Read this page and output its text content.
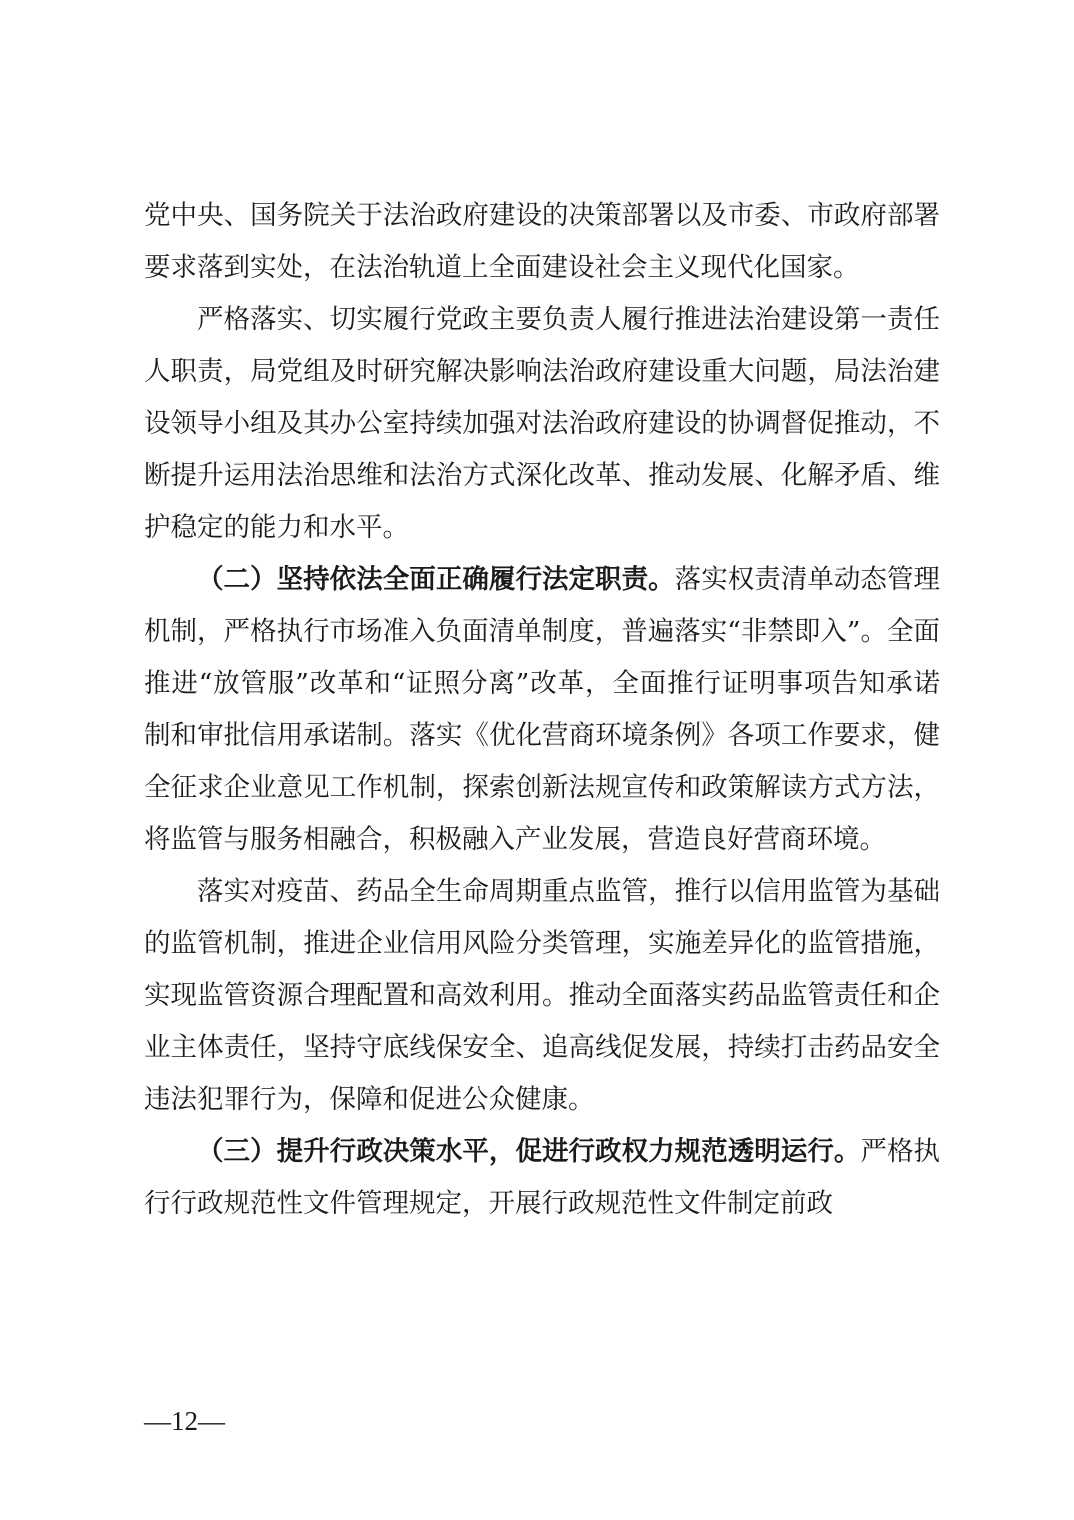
党中央、国务院关于法治政府建设的决策部署以及市委、市政府部署要求落到实处，在法治轨道上全面建设社会主义现代化国家。

严格落实、切实履行党政主要负责人履行推进法治建设第一责任人职责，局党组及时研究解决影响法治政府建设重大问题，局法治建设领导小组及其办公室持续加强对法治政府建设的协调督促推动，不断提升运用法治思维和法治方式深化改革、推动发展、化解矛盾、维护稳定的能力和水平。

（二）坚持依法全面正确履行法定职责。落实权责清单动态管理机制，严格执行市场准入负面清单制度，普遍落实“非禁即入”。全面推进“放管服”改革和“证照分离”改革，全面推行证明事项告知承诺制和审批信用承诺制。落实《优化营商环境条例》各项工作要求，健全征求企业意见工作机制，探索创新法规宣传和政策解读方式方法，将监管与服务相融合，积极融入产业发展，营造良好营商环境。

落实对疫苗、药品全生命周期重点监管，推行以信用监管为基础的监管机制，推进企业信用风险分类管理，实施差异化的监管措施，实现监管资源合理配置和高效利用。推动全面落实药品监管责任和企业主体责任，坚持守底线保安全、追高线促发展，持续打击药品安全违法犯罪行为，保障和促进公众健康。

（三）提升行政决策水平，促进行政权力规范透明运行。严格执行行政规范性文件管理规定，开展行政规范性文件制定前政

—12—
